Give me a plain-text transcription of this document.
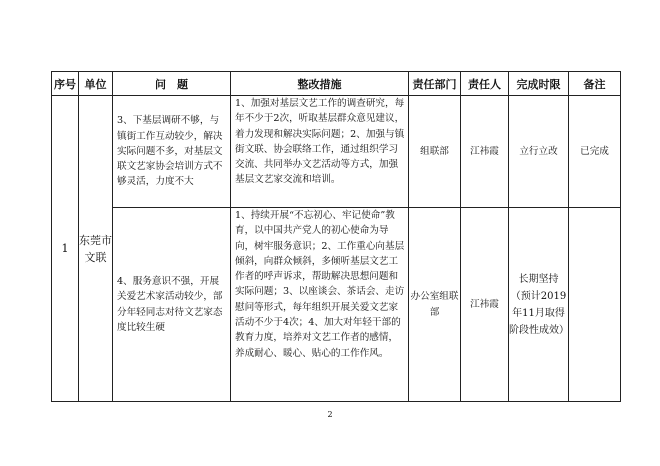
序号	单位	问　题	整改措施	责任部门	责任人	完成时限	备注
1	东莞市文联	3、下基层调研不够，与镇街工作互动较少，解决实际问题不多，对基层文联文艺家协会培训方式不够灵活，力度不大	1、加强对基层文艺工作的调查研究，每年不少于2次，听取基层群众意见建议，着力发现和解决实际问题；2、加强与镇街文联、协会联络工作，通过组织学习交流、共同举办文艺活动等方式，加强基层文艺家交流和培训。	组联部	江祎霞	立行立改	已完成
		4、服务意识不强，开展关爱艺术家活动较少，部分年轻同志对待文艺家态度比较生硬	1、持续开展“不忘初心、牢记使命”教育，以中国共产党人的初心使命为导向，树牢服务意识；2、工作重心向基层倾斜，向群众倾斜，多倾听基层文艺工作者的呼声诉求，帮助解决思想问题和实际问题；3、以座谈会、茶话会、走访慰问等形式，每年组织开展关爱文艺家活动不少于4次；4、加大对年轻干部的教育力度，培养对文艺工作者的感情，养成耐心、暖心、贴心的工作作风。	办公室组联部	江祎霞	长期坚持（预计2019年11月取得阶段性成效）	
2
